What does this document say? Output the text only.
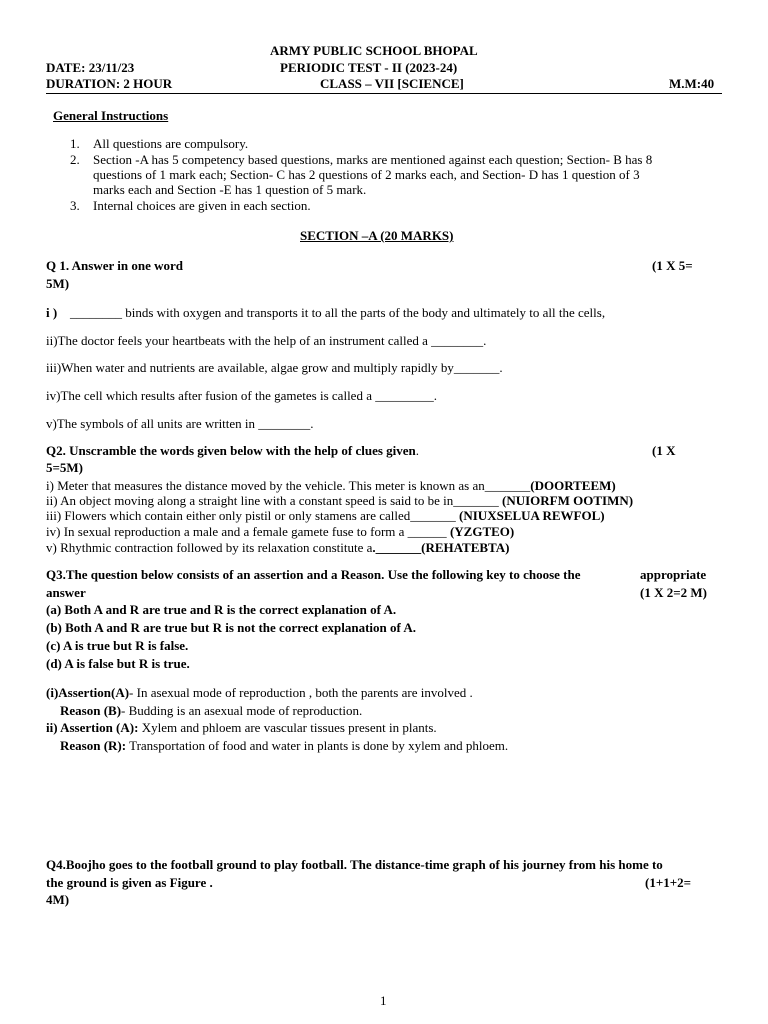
ARMY PUBLIC SCHOOL BHOPAL
DATE: 23/11/23	PERIODIC TEST - II (2023-24)
DURATION: 2 HOUR	CLASS – VII [SCIENCE]	M.M:40
General Instructions
1. All questions are compulsory.
2. Section -A has 5 competency based questions, marks are mentioned against each question; Section- B has 8
questions of 1 mark each; Section- C has 2 questions of 2 marks each, and Section- D has 1 question of 3
marks each and Section -E has 1 question of 5 mark.
3. Internal choices are given in each section.
SECTION –A (20 MARKS)
Q 1. Answer in one word	(1 X 5=
5M)
i ) ________ binds with oxygen and transports it to all the parts of the body and ultimately to all the cells,
ii)The doctor feels your heartbeats with the help of an instrument called a ________.
iii)When water and nutrients are available, algae grow and multiply rapidly by_______.
iv)The cell which results after fusion of the gametes is called a _________.
v)The symbols of all units are written in ________.
Q2. Unscramble the words given below with the help of clues given.	(1 X
5=5M)
i) Meter that measures the distance moved by the vehicle. This meter is known as an_______(DOORTEEM)
ii) An object moving along a straight line with a constant speed is said to be in_______ (NUIORFM OOTIMN)
iii) Flowers which contain either only pistil or only stamens are called_______ (NIUXSELUA REWFOL)
iv) In sexual reproduction a male and a female gamete fuse to form a ______ (YZGTEO)
v) Rhythmic contraction followed by its relaxation constitute a._______(REHATEBTA)
Q3.The question below consists of an assertion and a Reason. Use the following key to choose the	appropriate
answer	(1 X 2=2 M)
(a) Both A and R are true and R is the correct explanation of A.
(b) Both A and R are true but R is not the correct explanation of A.
(c) A is true but R is false.
(d) A is false but R is true.
(i)Assertion(A)- In asexual mode of reproduction , both the parents are involved .
Reason (B)- Budding is an asexual mode of reproduction.
ii) Assertion (A): Xylem and phloem are vascular tissues present in plants.
Reason (R): Transportation of food and water in plants is done by xylem and phloem.
Q4.Boojho goes to the football ground to play football. The distance-time graph of his journey from his home to
the ground is given as Figure .	(1+1+2=
4M)
1
